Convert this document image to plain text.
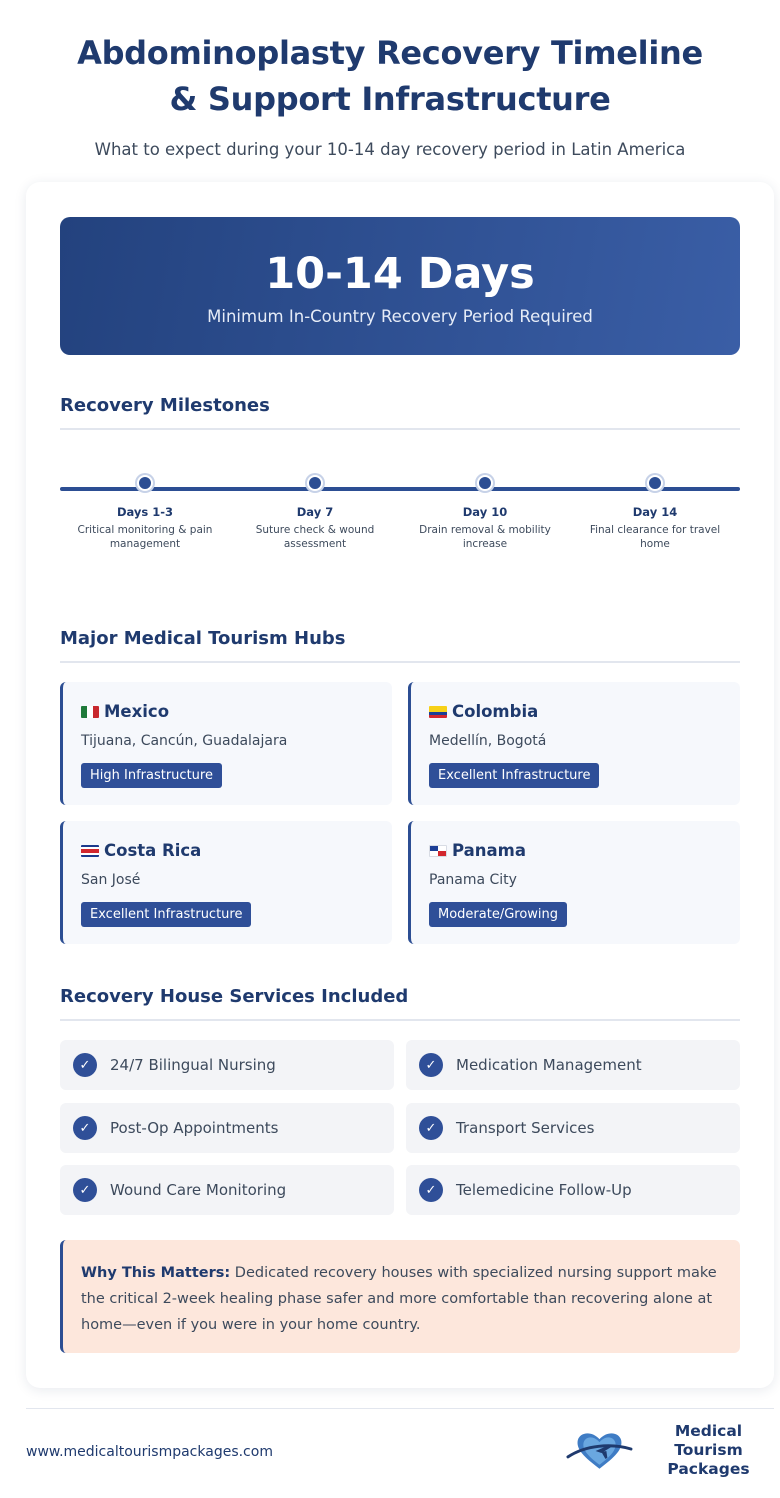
Abdominoplasty Recovery Timeline
& Support Infrastructure
What to expect during your 10-14 day recovery period in Latin America
10-14 Days
Minimum In-Country Recovery Period Required
Recovery Milestones
Days 1-3
Critical monitoring & pain management
Day 7
Suture check & wound assessment
Day 10
Drain removal & mobility increase
Day 14
Final clearance for travel home
Major Medical Tourism Hubs
Mexico
Tijuana, Cancún, Guadalajara
High Infrastructure
Colombia
Medellín, Bogotá
Excellent Infrastructure
Costa Rica
San José
Excellent Infrastructure
Panama
Panama City
Moderate/Growing
Recovery House Services Included
✓	24/7 Bilingual Nursing	✓	Medication Management
✓	Post-Op Appointments	✓	Transport Services
✓	Wound Care Monitoring	✓	Telemedicine Follow-Up
Why This Matters: Dedicated recovery houses with specialized nursing support make the critical 2-week healing phase safer and more comfortable than recovering alone at home—even if you were in your home country.
www.medicaltourismpackages.com
Medical Tourism
Packages
